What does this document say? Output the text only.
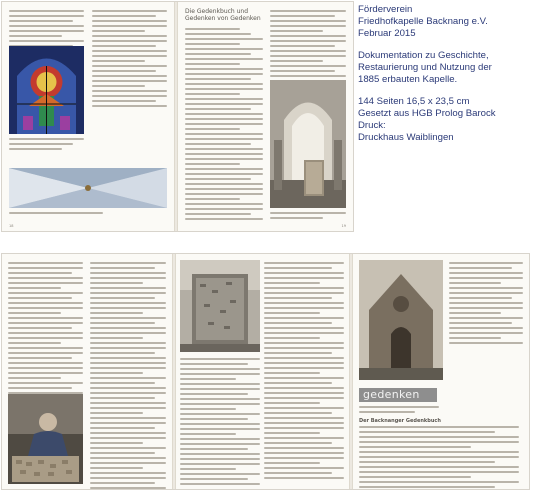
18
Die Gedenkbuch und
Gedenken von Gedenken
19
gedenken
Der Backnanger Gedenkbuch

Förderverein
Friedhofkapelle Backnang e.V.
Februar 2015

Dokumentation zu Geschichte,
Restaurierung und Nutzung der
1885 erbauten Kapelle.

144 Seiten 16,5 x 23,5 cm
Gesetzt aus HGB Prolog Barock
Druck:
Druckhaus Waiblingen
